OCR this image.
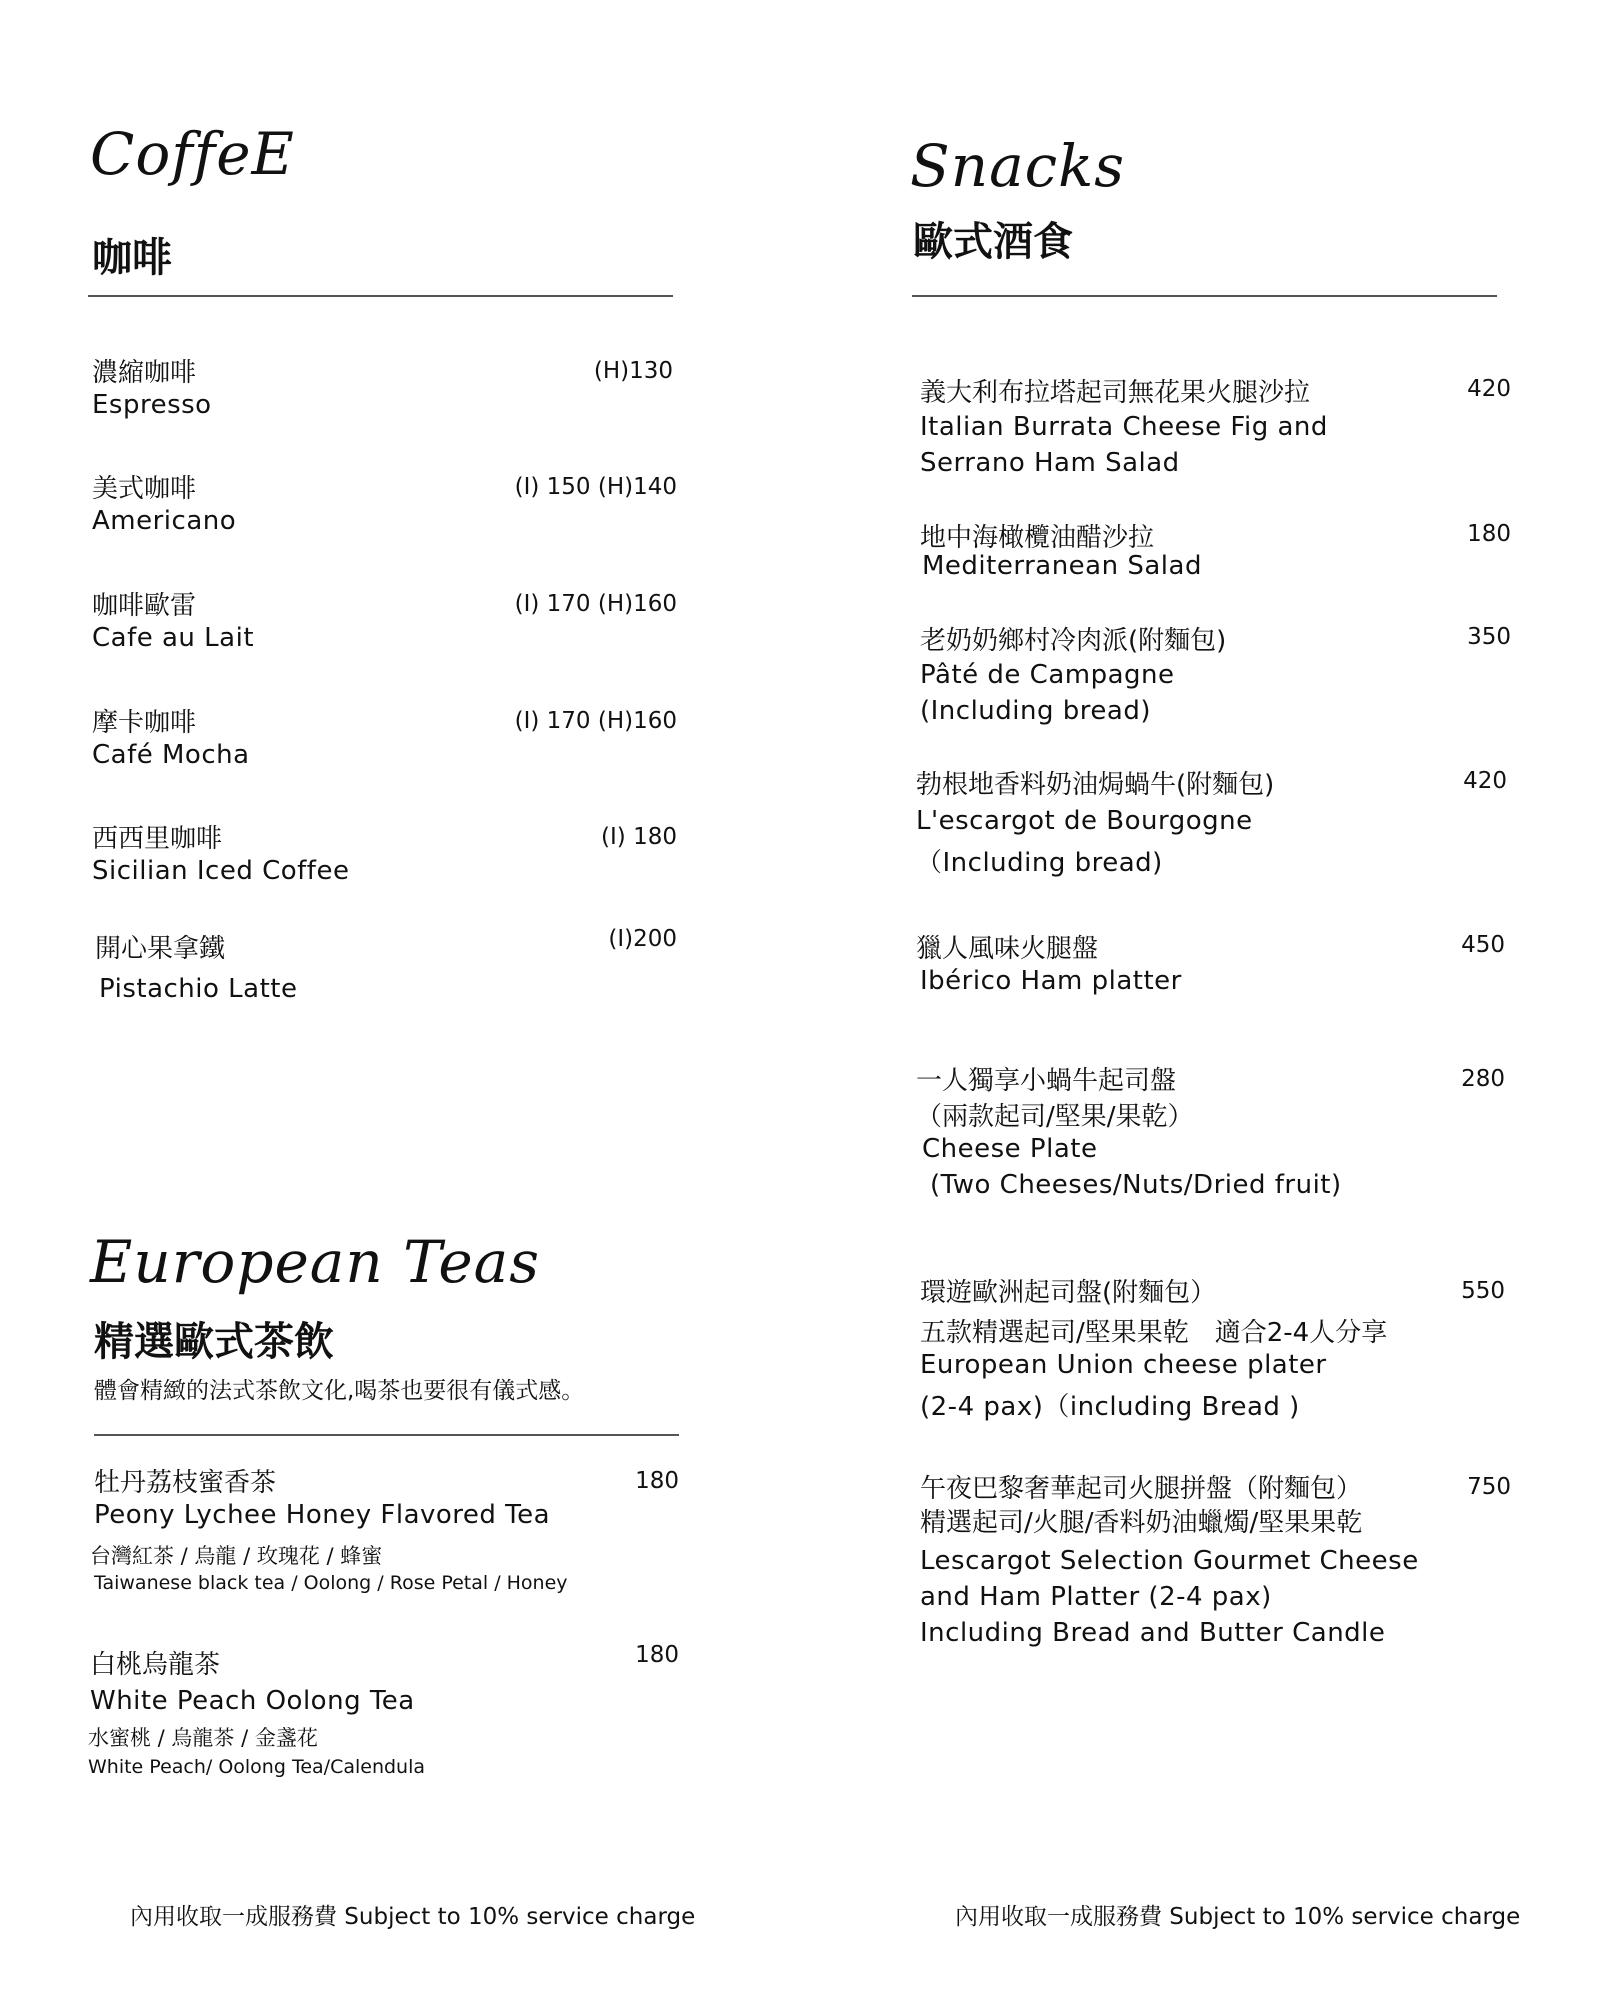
CoffeE
咖啡
濃縮咖啡
Espresso
(H)130
美式咖啡
Americano
(I) 150 (H)140
咖啡歐雷
Cafe au Lait
(I) 170 (H)160
摩卡咖啡
Café Mocha
(I) 170 (H)160
西西里咖啡
Sicilian Iced Coffee
(I) 180
開心果拿鐵
Pistachio Latte
(I)200
European Teas
精選歐式茶飲
體會精緻的法式茶飲文化,喝茶也要很有儀式感。
牡丹荔枝蜜香茶
Peony Lychee Honey Flavored Tea
台灣紅茶 / 烏龍 / 玫瑰花 / 蜂蜜
Taiwanese black tea / Oolong / Rose Petal / Honey
180
白桃烏龍茶
White Peach Oolong Tea
水蜜桃 / 烏龍茶 / 金盞花
White Peach/ Oolong Tea/Calendula
180
Snacks
歐式酒食
義大利布拉塔起司無花果火腿沙拉
Italian Burrata Cheese Fig and
Serrano Ham Salad
420
地中海橄欖油醋沙拉
Mediterranean Salad
180
老奶奶鄉村冷肉派(附麵包)
Pâté de Campagne
(Including bread)
350
勃根地香料奶油焗蝸牛(附麵包)
L'escargot de Bourgogne
（Including bread)
420
獵人風味火腿盤
Ibérico Ham platter
450
一人獨享小蝸牛起司盤
（兩款起司/堅果/果乾）
Cheese Plate
(Two Cheeses/Nuts/Dried fruit)
280
環遊歐洲起司盤(附麵包）
五款精選起司/堅果果乾　適合2-4人分享
European Union cheese plater
(2-4 pax)（including Bread )
550
午夜巴黎奢華起司火腿拼盤（附麵包）
精選起司/火腿/香料奶油蠟燭/堅果果乾
Lescargot Selection Gourmet Cheese
and Ham Platter (2-4 pax)
Including Bread and Butter Candle
750
內用收取一成服務費 Subject to 10% service charge	內用收取一成服務費 Subject to 10% service charge
